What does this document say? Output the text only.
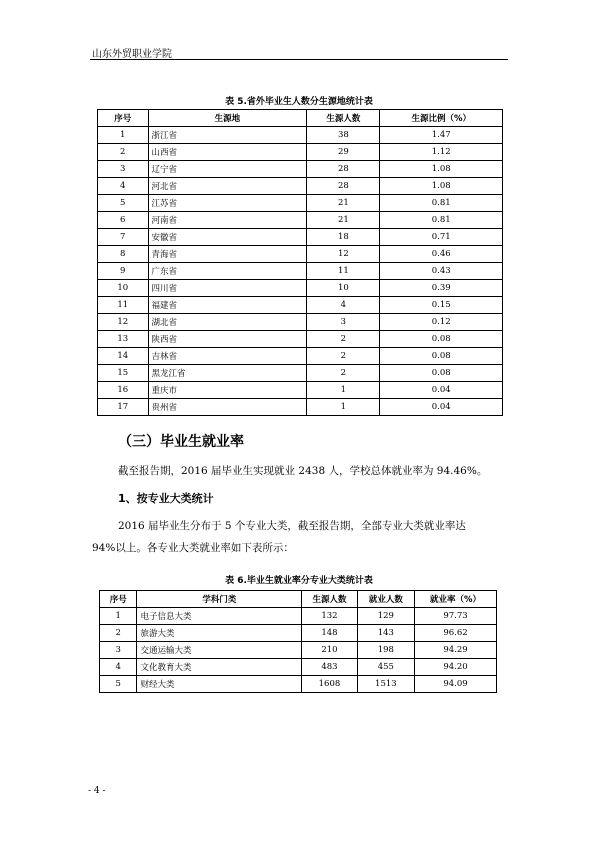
山东外贸职业学院
表 5.省外毕业生人数分生源地统计表
序号	生源地	生源人数	生源比例（%）
1	浙江省	38	1.47
2	山西省	29	1.12
3	辽宁省	28	1.08
4	河北省	28	1.08
5	江苏省	21	0.81
6	河南省	21	0.81
7	安徽省	18	0.71
8	青海省	12	0.46
9	广东省	11	0.43
10	四川省	10	0.39
11	福建省	4	0.15
12	湖北省	3	0.12
13	陕西省	2	0.08
14	吉林省	2	0.08
15	黑龙江省	2	0.08
16	重庆市	1	0.04
17	贵州省	1	0.04
（三）毕业生就业率
截至报告期，2016 届毕业生实现就业 2438 人，学校总体就业率为 94.46%。
1、按专业大类统计
2016 届毕业生分布于 5 个专业大类，截至报告期，全部专业大类就业率达
94%以上。各专业大类就业率如下表所示：
表 6.毕业生就业率分专业大类统计表
序号	学科门类	生源人数	就业人数	就业率（%）
1	电子信息大类	132	129	97.73
2	旅游大类	148	143	96.62
3	交通运输大类	210	198	94.29
4	文化教育大类	483	455	94.20
5	财经大类	1608	1513	94.09
- 4 -
